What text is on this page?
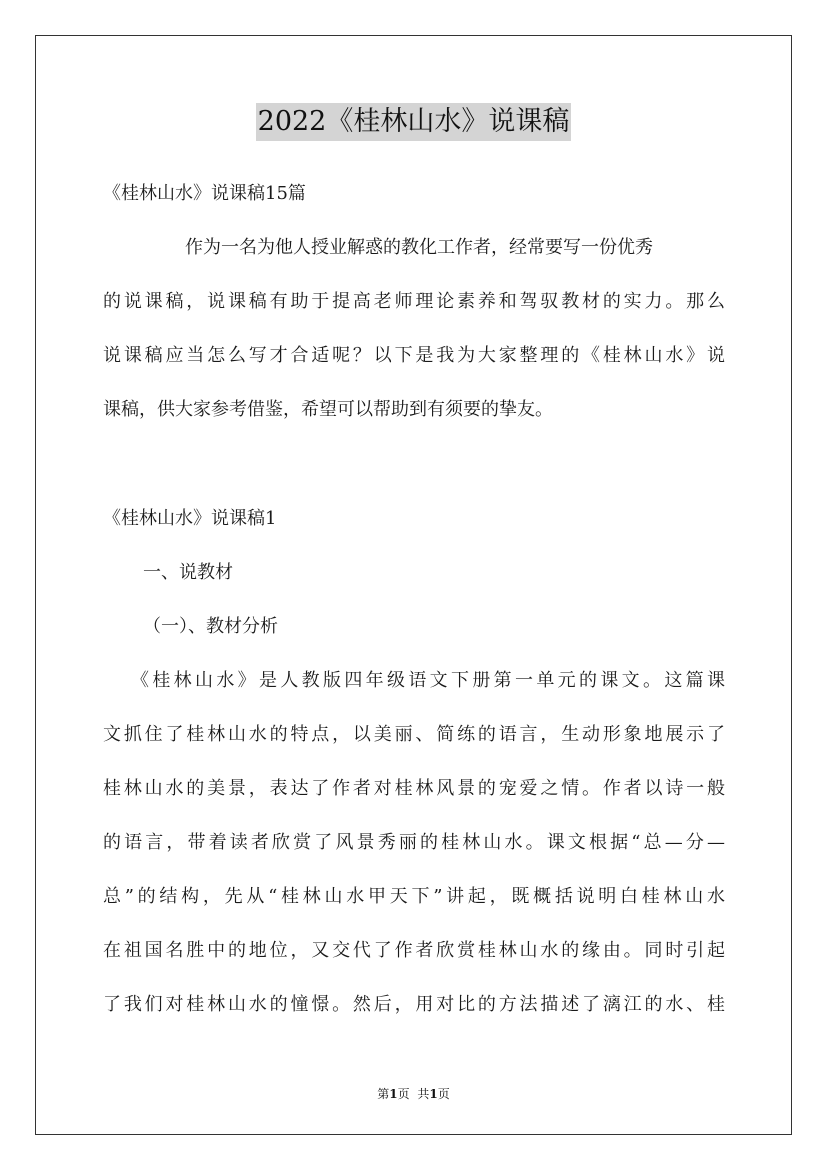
2022《桂林山水》说课稿
《桂林山水》说课稿15篇
作为一名为他人授业解惑的教化工作者，经常要写一份优秀
的说课稿，说课稿有助于提高老师理论素养和驾驭教材的实力。那么
说课稿应当怎么写才合适呢？以下是我为大家整理的《桂林山水》说
课稿，供大家参考借鉴，希望可以帮助到有须要的挚友。
《桂林山水》说课稿1
一、说教材
（一）、教材分析
《桂林山水》是人教版四年级语文下册第一单元的课文。这篇课
文抓住了桂林山水的特点，以美丽、简练的语言，生动形象地展示了
桂林山水的美景，表达了作者对桂林风景的宠爱之情。作者以诗一般
的语言，带着读者欣赏了风景秀丽的桂林山水。课文根据“总—分—
总”的结构，先从“桂林山水甲天下”讲起，既概括说明白桂林山水
在祖国名胜中的地位，又交代了作者欣赏桂林山水的缘由。同时引起
了我们对桂林山水的憧憬。然后，用对比的方法描述了漓江的水、桂
第1页 共1页
